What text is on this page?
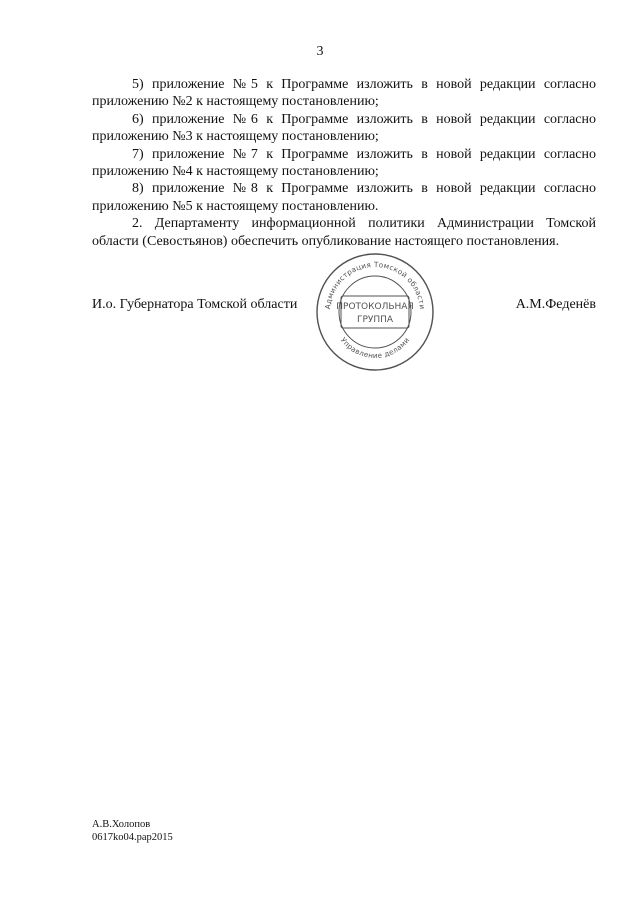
3

5) приложение №5 к Программе изложить в новой редакции согласно приложению №2 к настоящему постановлению;

6) приложение №6 к Программе изложить в новой редакции согласно приложению №3 к настоящему постановлению;

7) приложение №7 к Программе изложить в новой редакции согласно приложению №4 к настоящему постановлению;

8) приложение №8 к Программе изложить в новой редакции согласно приложению №5 к настоящему постановлению.

2. Департаменту информационной политики Администрации Томской области (Севостьянов) обеспечить опубликование настоящего постановления.

И.о. Губернатора Томской области	А.М.Феденёв
Администрация Томской области
Управление делами
ПРОТОКОЛЬНАЯ
ГРУППА
А.В.Холопов
0617ko04.pap2015
